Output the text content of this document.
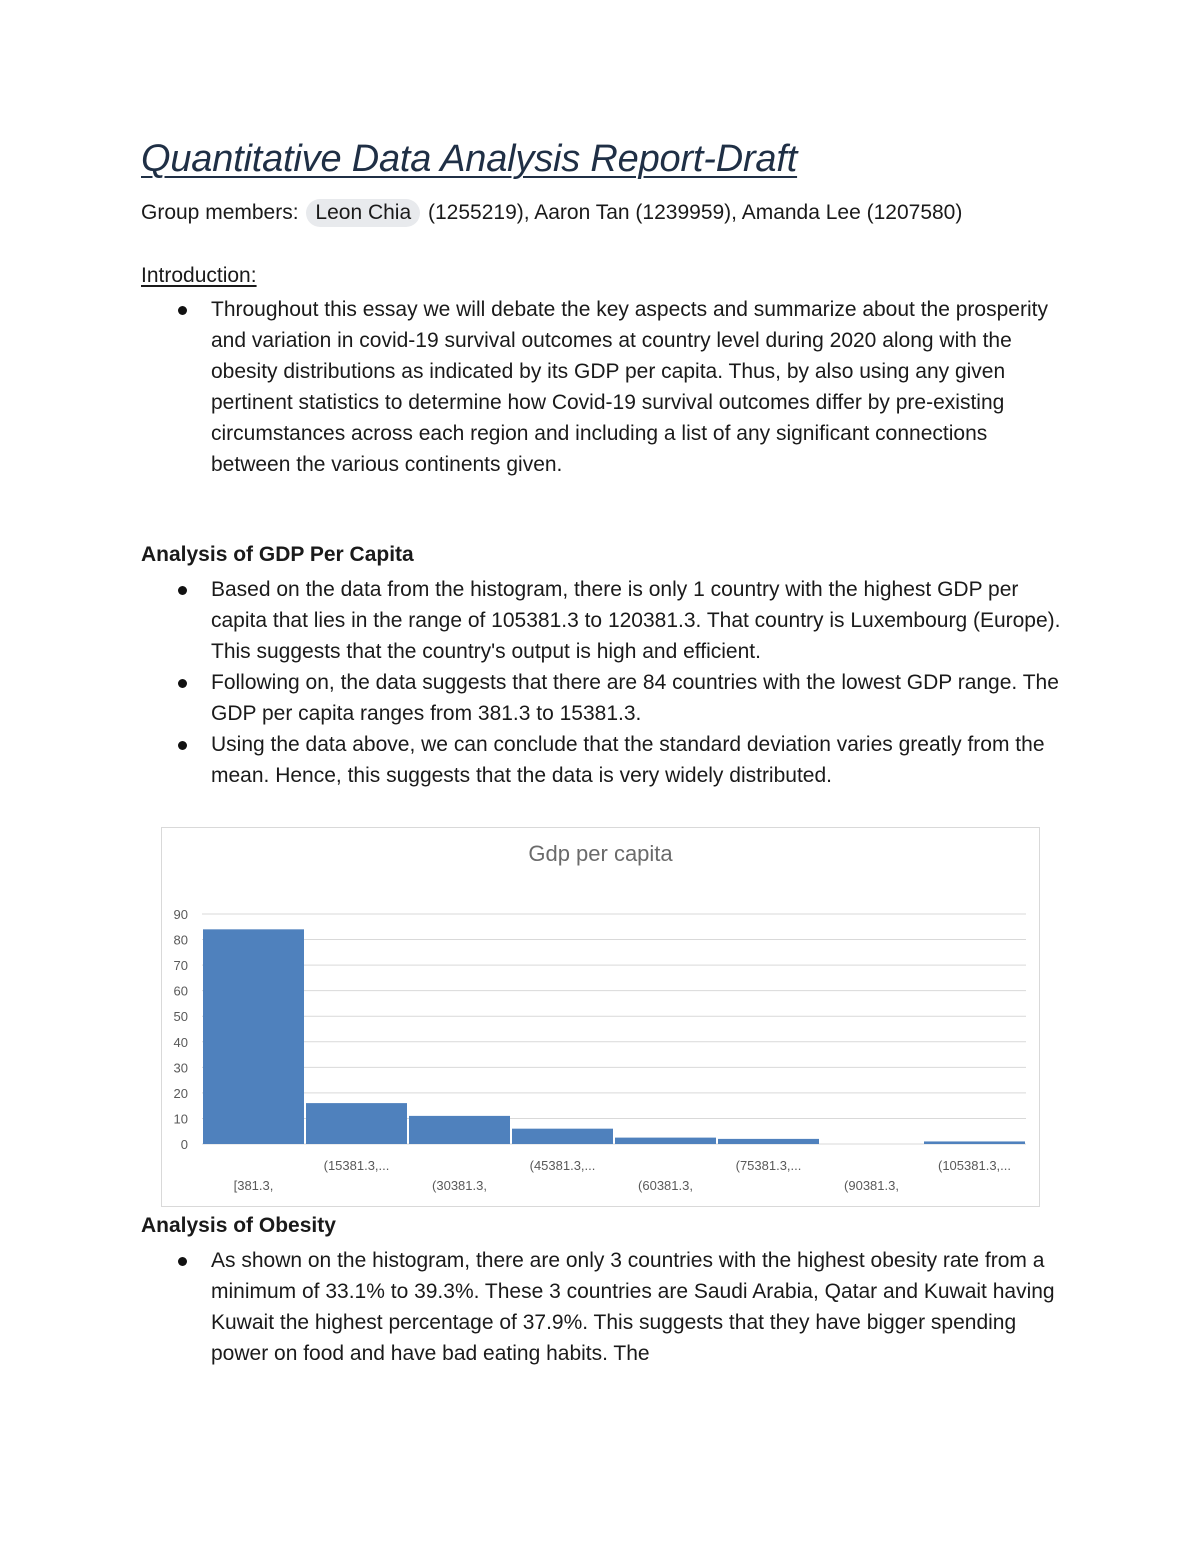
Quantitative Data Analysis Report-Draft
Group members: Leon Chia (1255219), Aaron Tan (1239959), Amanda Lee (1207580)
Introduction:
Throughout this essay we will debate the key aspects and summarize about the prosperity and variation in covid-19 survival outcomes at country level during 2020 along with the obesity distributions as indicated by its GDP per capita. Thus, by also using any given pertinent statistics to determine how Covid-19 survival outcomes differ by pre-existing circumstances across each region and including a list of any significant connections between the various continents given.
Analysis of GDP Per Capita
Based on the data from the histogram, there is only 1 country with the highest GDP per capita that lies in the range of 105381.3 to 120381.3. That country is Luxembourg (Europe). This suggests that the country's output is high and efficient.
Following on, the data suggests that there are 84 countries with the lowest GDP range. The GDP per capita ranges from 381.3 to 15381.3.
Using the data above, we can conclude that the standard deviation varies greatly from the mean. Hence, this suggests that the data is very widely distributed.
Gdp per capita
0
10
20
30
40
50
60
70
80
90
[381.3,
(15381.3,...
(30381.3,
(45381.3,...
(60381.3,
(75381.3,...
(90381.3,
(105381.3,...
Analysis of Obesity
As shown on the histogram, there are only 3 countries with the highest obesity rate from a minimum of 33.1% to 39.3%. These 3 countries are Saudi Arabia, Qatar and Kuwait having Kuwait the highest percentage of 37.9%. This suggests that they have bigger spending power on food and have bad eating habits. The
